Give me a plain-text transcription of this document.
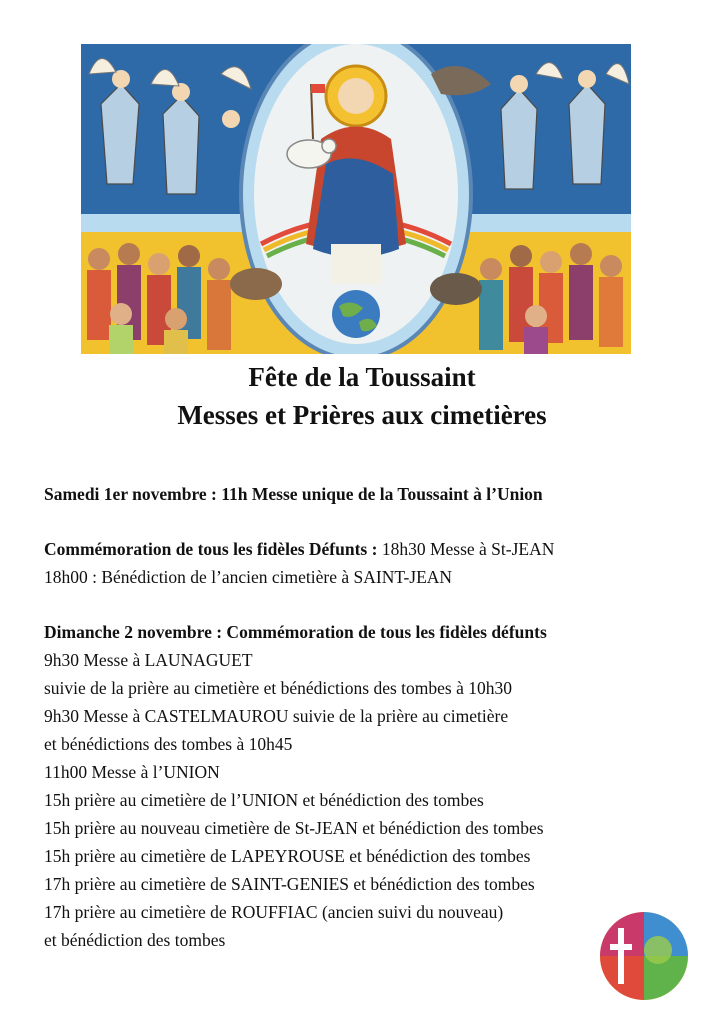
Fête de la Toussaint
Messes et Prières aux cimetières
Samedi 1er novembre : 11h Messe unique de la Toussaint à l’Union
Commémoration de tous les fidèles Défunts : 18h30 Messe à St-JEAN
18h00 : Bénédiction de l’ancien cimetière à SAINT-JEAN
Dimanche 2 novembre : Commémoration de tous les fidèles défunts
9h30 Messe à LAUNAGUET
suivie de la prière au cimetière et bénédictions des tombes à 10h30
9h30 Messe à CASTELMAUROU suivie de la prière au cimetière
et bénédictions des tombes à 10h45
11h00 Messe à l’UNION
15h prière au cimetière de l’UNION et bénédiction des tombes
15h prière au nouveau cimetière de St-JEAN et bénédiction des tombes
15h prière au cimetière de LAPEYROUSE et bénédiction des tombes
17h prière au cimetière de SAINT-GENIES et bénédiction des tombes
17h prière au cimetière de ROUFFIAC (ancien suivi du nouveau)
et bénédiction des tombes
